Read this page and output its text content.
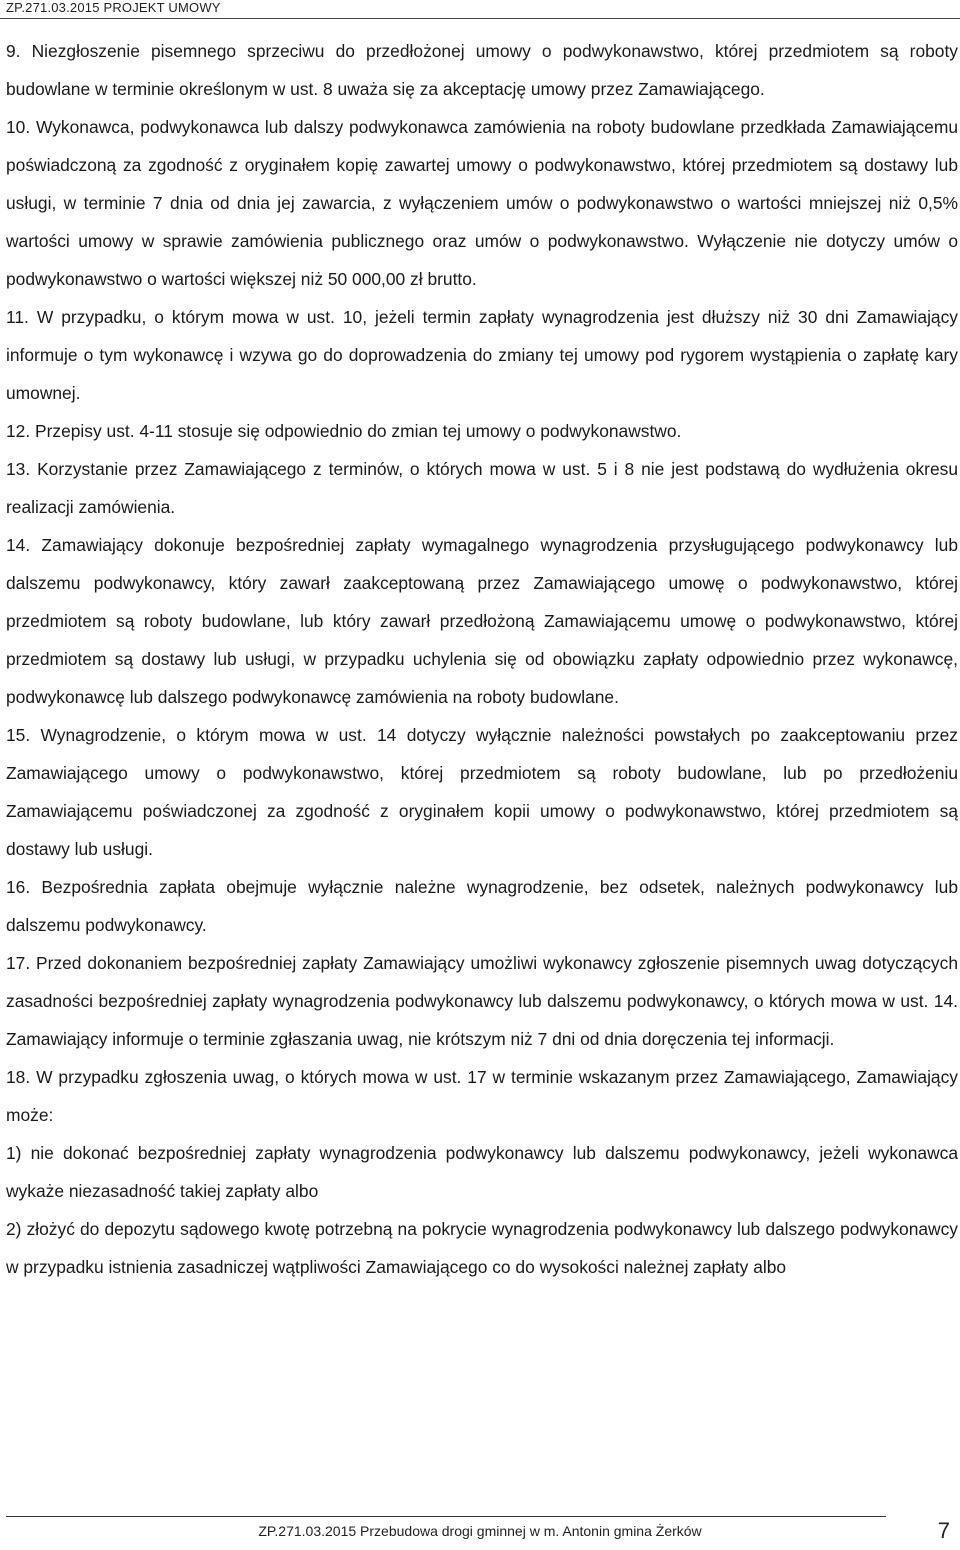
ZP.271.03.2015 PROJEKT UMOWY

9. Niezgłoszenie pisemnego sprzeciwu do przedłożonej umowy o podwykonawstwo, której przedmiotem są roboty budowlane w terminie określonym w ust. 8 uważa się za akceptację umowy przez Zamawiającego.

10. Wykonawca, podwykonawca lub dalszy podwykonawca zamówienia na roboty budowlane przedkłada Zamawiającemu poświadczoną za zgodność z oryginałem kopię zawartej umowy o podwykonawstwo, której przedmiotem są dostawy lub usługi, w terminie 7 dnia od dnia jej zawarcia, z wyłączeniem umów o podwykonawstwo o wartości mniejszej niż 0,5% wartości umowy w sprawie zamówienia publicznego oraz umów o podwykonawstwo. Wyłączenie nie dotyczy umów o podwykonawstwo o wartości większej niż 50 000,00 zł brutto.

11. W przypadku, o którym mowa w ust. 10, jeżeli termin zapłaty wynagrodzenia jest dłuższy niż 30 dni Zamawiający informuje o tym wykonawcę i wzywa go do doprowadzenia do zmiany tej umowy pod rygorem wystąpienia o zapłatę kary umownej.

12. Przepisy ust. 4-11 stosuje się odpowiednio do zmian tej umowy o podwykonawstwo.

13. Korzystanie przez Zamawiającego z terminów, o których mowa w ust. 5 i 8 nie jest podstawą do wydłużenia okresu realizacji zamówienia.

14. Zamawiający dokonuje bezpośredniej zapłaty wymagalnego wynagrodzenia przysługującego podwykonawcy lub dalszemu podwykonawcy, który zawarł zaakceptowaną przez Zamawiającego umowę o podwykonawstwo, której przedmiotem są roboty budowlane, lub który zawarł przedłożoną Zamawiającemu umowę o podwykonawstwo, której przedmiotem są dostawy lub usługi, w przypadku uchylenia się od obowiązku zapłaty odpowiednio przez wykonawcę, podwykonawcę lub dalszego podwykonawcę zamówienia na roboty budowlane.

15. Wynagrodzenie, o którym mowa w ust. 14 dotyczy wyłącznie należności powstałych po zaakceptowaniu przez Zamawiającego umowy o podwykonawstwo, której przedmiotem są roboty budowlane, lub po przedłożeniu Zamawiającemu poświadczonej za zgodność z oryginałem kopii umowy o podwykonawstwo, której przedmiotem są dostawy lub usługi.

16. Bezpośrednia zapłata obejmuje wyłącznie należne wynagrodzenie, bez odsetek, należnych podwykonawcy lub dalszemu podwykonawcy.

17. Przed dokonaniem bezpośredniej zapłaty Zamawiający umożliwi wykonawcy zgłoszenie pisemnych uwag dotyczących zasadności bezpośredniej zapłaty wynagrodzenia podwykonawcy lub dalszemu podwykonawcy, o których mowa w ust. 14. Zamawiający informuje o terminie zgłaszania uwag, nie krótszym niż 7 dni od dnia doręczenia tej informacji.

18. W przypadku zgłoszenia uwag, o których mowa w ust. 17 w terminie wskazanym przez Zamawiającego, Zamawiający może:

1) nie dokonać bezpośredniej zapłaty wynagrodzenia podwykonawcy lub dalszemu podwykonawcy, jeżeli wykonawca wykaże niezasadność takiej zapłaty albo

2) złożyć do depozytu sądowego kwotę potrzebną na pokrycie wynagrodzenia podwykonawcy lub dalszego podwykonawcy w przypadku istnienia zasadniczej wątpliwości Zamawiającego co do wysokości należnej zapłaty albo

ZP.271.03.2015 Przebudowa drogi gminnej w m. Antonin gmina Żerków	7
